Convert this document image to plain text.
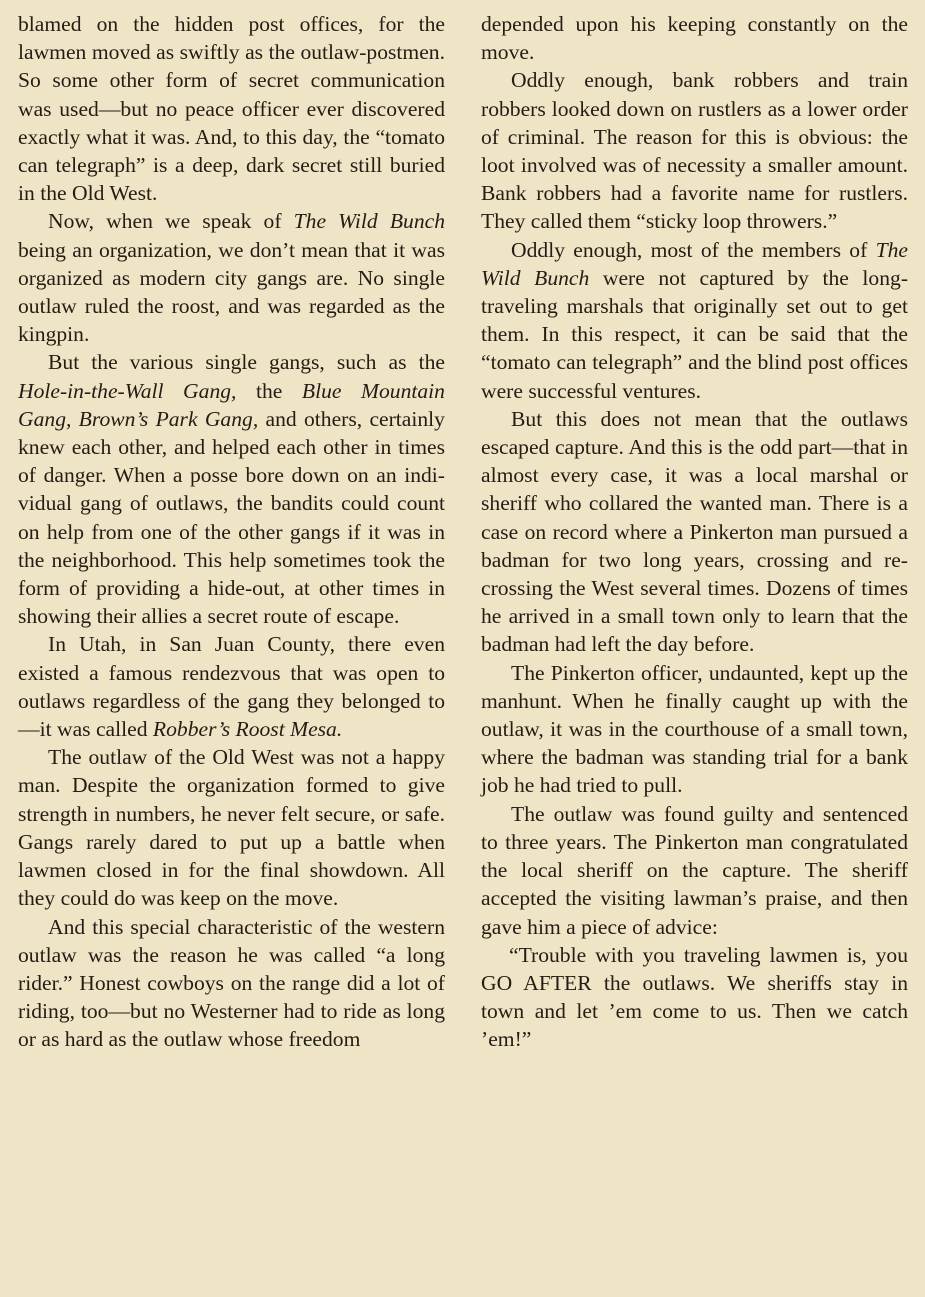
blamed on the hidden post offices, for the lawmen moved as swiftly as the outlaw-postmen. So some other form of secret communication was used—but no peace officer ever discovered exactly what it was. And, to this day, the “tomato can telegraph” is a deep, dark secret still buried in the Old West.

Now, when we speak of The Wild Bunch being an organization, we don’t mean that it was organized as modern city gangs are. No single outlaw ruled the roost, and was regarded as the kingpin.

But the various single gangs, such as the Hole-in-the-Wall Gang, the Blue Mountain Gang, Brown’s Park Gang, and others, certainly knew each other, and helped each other in times of danger. When a posse bore down on an individual gang of outlaws, the bandits could count on help from one of the other gangs if it was in the neighborhood. This help sometimes took the form of providing a hide-out, at other times in showing their allies a secret route of escape.

In Utah, in San Juan County, there even existed a famous rendezvous that was open to outlaws regardless of the gang they belonged to—it was called Robber’s Roost Mesa.

The outlaw of the Old West was not a happy man. Despite the organization formed to give strength in numbers, he never felt secure, or safe. Gangs rarely dared to put up a battle when lawmen closed in for the final showdown. All they could do was keep on the move.

And this special characteristic of the western outlaw was the reason he was called “a long rider.” Honest cowboys on the range did a lot of riding, too—but no Westerner had to ride as long or as hard as the outlaw whose freedom

depended upon his keeping constantly on the move.

Oddly enough, bank robbers and train robbers looked down on rustlers as a lower order of criminal. The reason for this is obvious: the loot involved was of necessity a smaller amount. Bank robbers had a favorite name for rustlers. They called them “sticky loop throwers.”

Oddly enough, most of the members of The Wild Bunch were not captured by the long-traveling marshals that originally set out to get them. In this respect, it can be said that the “tomato can telegraph” and the blind post offices were successful ventures.

But this does not mean that the outlaws escaped capture. And this is the odd part—that in almost every case, it was a local marshal or sheriff who collared the wanted man. There is a case on record where a Pinkerton man pursued a badman for two long years, crossing and re-crossing the West several times. Dozens of times he arrived in a small town only to learn that the badman had left the day before.

The Pinkerton officer, undaunted, kept up the manhunt. When he finally caught up with the outlaw, it was in the courthouse of a small town, where the badman was standing trial for a bank job he had tried to pull.

The outlaw was found guilty and sentenced to three years. The Pinkerton man congratulated the local sheriff on the capture. The sheriff accepted the visiting lawman’s praise, and then gave him a piece of advice:

“Trouble with you traveling lawmen is, you GO AFTER the outlaws. We sheriffs stay in town and let ’em come to us. Then we catch ’em!”
